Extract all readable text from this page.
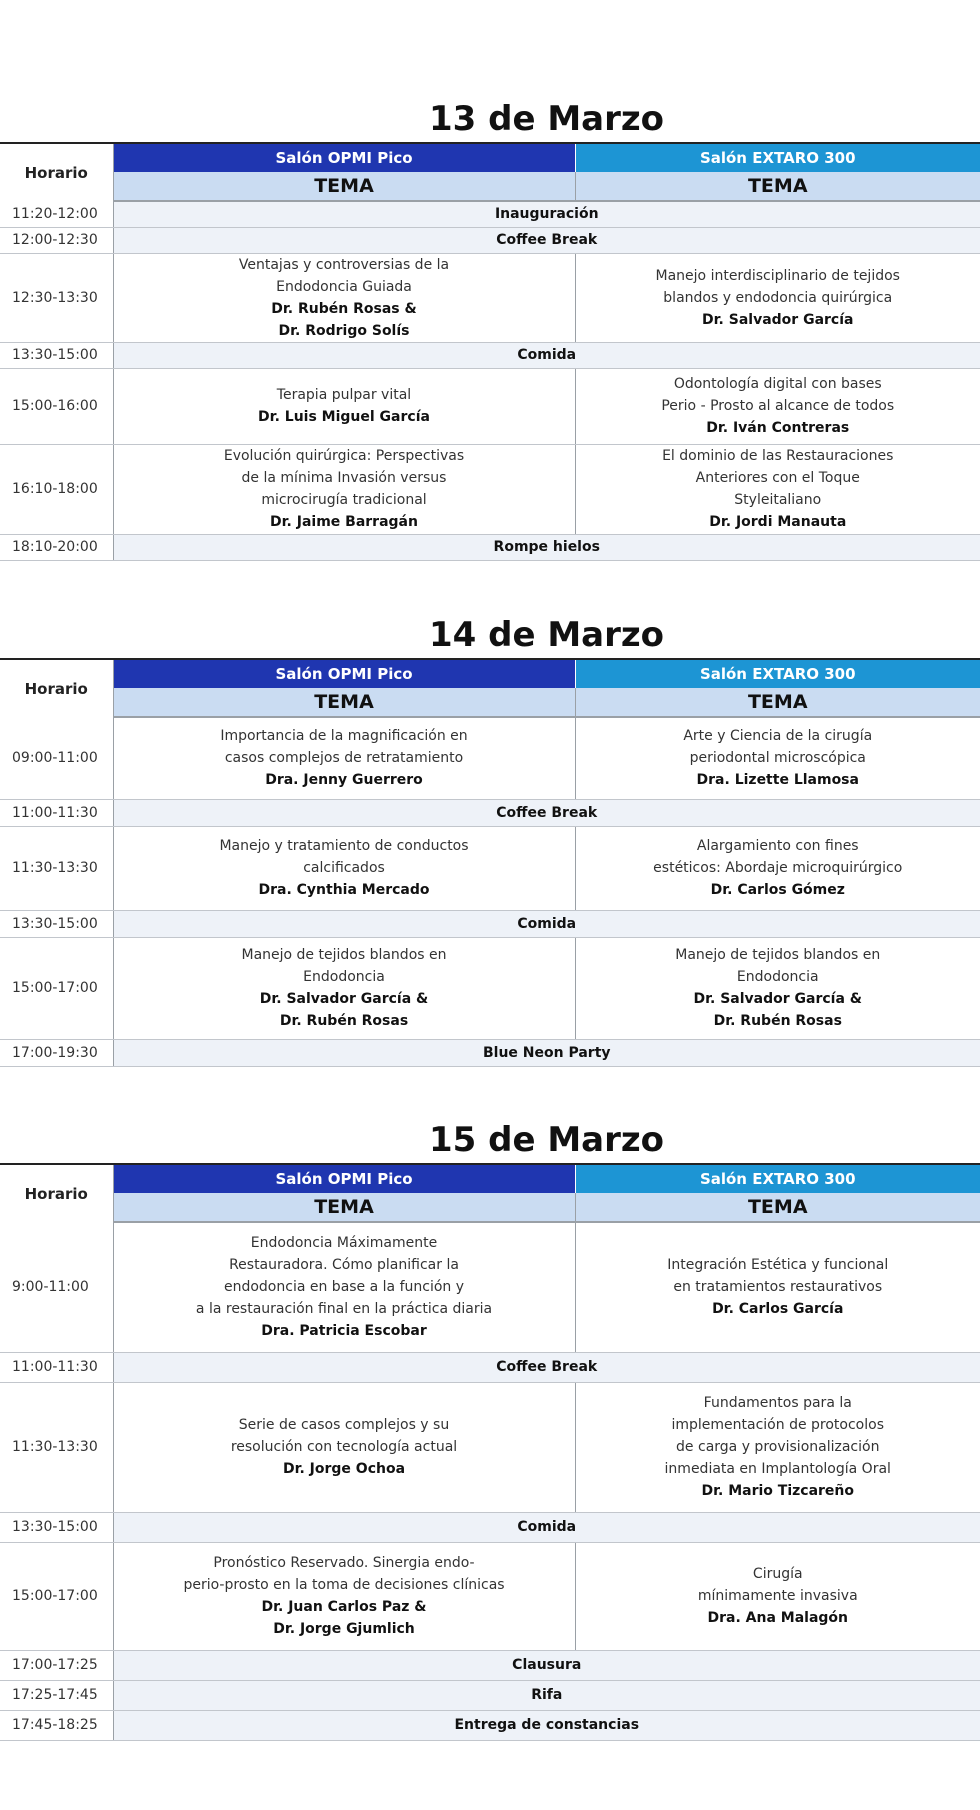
13 de Marzo
Horario	Salón OPMI Pico	Salón EXTARO 300
	TEMA	TEMA
11:20-12:00	Inauguración	
12:00-12:30	Coffee Break	
12:30-13:30	Ventajas y controversias de la
Endodoncia Guiada
Dr. Rubén Rosas &
Dr. Rodrigo Solís	Manejo interdisciplinario de tejidos
blandos y endodoncia quirúrgica
Dr. Salvador García

13:30-15:00	Comida	
15:00-16:00	Terapia pulpar vital
Dr. Luis Miguel García	Odontología digital con bases
Perio - Prosto al alcance de todos
Dr. Iván Contreras

16:10-18:00	Evolución quirúrgica: Perspectivas
de la mínima Invasión versus
microcirugía tradicional
Dr. Jaime Barragán	El dominio de las Restauraciones
Anteriores con el Toque
Styleitaliano
Dr. Jordi Manauta

18:10-20:00	Rompe hielos	
14 de Marzo
Horario	Salón OPMI Pico	Salón EXTARO 300
	TEMA	TEMA
09:00-11:00	Importancia de la magnificación en
casos complejos de retratamiento
Dra. Jenny Guerrero	Arte y Ciencia de la cirugía
periodontal microscópica
Dra. Lizette Llamosa

11:00-11:30	Coffee Break	
11:30-13:30	Manejo y tratamiento de conductos
calcificados
Dra. Cynthia Mercado	Alargamiento con fines
estéticos: Abordaje microquirúrgico
Dr. Carlos Gómez

13:30-15:00	Comida	
15:00-17:00	Manejo de tejidos blandos en
Endodoncia
Dr. Salvador García &
Dr. Rubén Rosas	Manejo de tejidos blandos en
Endodoncia
Dr. Salvador García &
Dr. Rubén Rosas

17:00-19:30	Blue Neon Party	
15 de Marzo
Horario	Salón OPMI Pico	Salón EXTARO 300
	TEMA	TEMA
9:00-11:00	Endodoncia Máximamente
Restauradora. Cómo planificar la
endodoncia en base a la función y
a la restauración final en la práctica diaria
Dra. Patricia Escobar	Integración Estética y funcional
en tratamientos restaurativos
Dr. Carlos García

11:00-11:30	Coffee Break	
11:30-13:30	Serie de casos complejos y su
resolución con tecnología actual
Dr. Jorge Ochoa	Fundamentos para la
implementación de protocolos
de carga y provisionalización
inmediata en Implantología Oral
Dr. Mario Tizcareño

13:30-15:00	Comida	
15:00-17:00	Pronóstico Reservado. Sinergia endo-
perio-prosto en la toma de decisiones clínicas
Dr. Juan Carlos Paz &
Dr. Jorge Gjumlich	Cirugía
mínimamente invasiva
Dra. Ana Malagón

17:00-17:25	Clausura	
17:25-17:45	Rifa	
17:45-18:25	Entrega de constancias	
